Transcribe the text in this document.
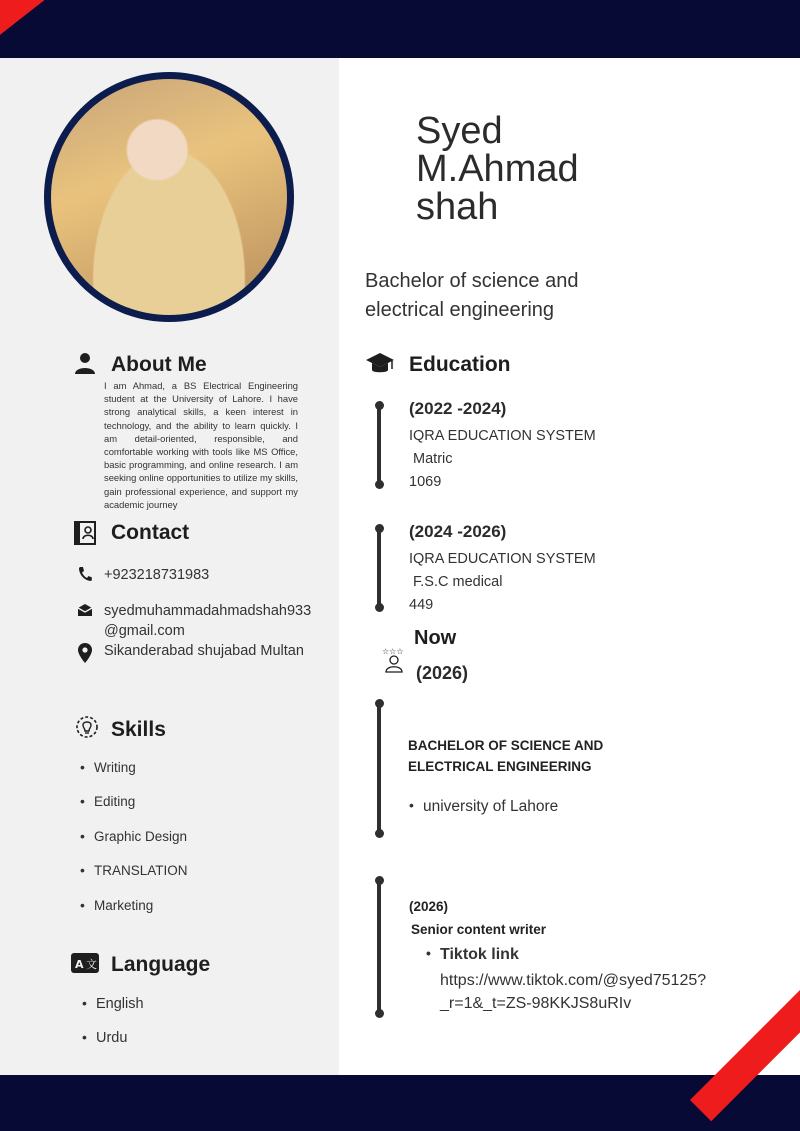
About Me
I am Ahmad, a BS Electrical Engineering student at the University of Lahore. I have strong analytical skills, a keen interest in technology, and the ability to learn quickly. I am detail-oriented, responsible, and comfortable working with tools like MS Office, basic programming, and online research. I am seeking online opportunities to utilize my skills, gain professional experience, and support my academic journey
Contact
+923218731983
syedmuhammadahmadshah933
@gmail.com
Sikanderabad shujabad Multan
Skills
• Writing
• Editing
• Graphic Design
• TRANSLATION
• Marketing
A 文 Language
• English
• Urdu
Syed
M.Ahmad
shah
Bachelor of science and electrical engineering
Education
(2022 -2024)
IQRA EDUCATION SYSTEM
Matric
1069
(2024 -2026)
IQRA EDUCATION SYSTEM
F.S.C medical
449
☆☆☆
Now
(2026)
BACHELOR OF SCIENCE AND
ELECTRICAL ENGINEERING
• university of Lahore
(2026)
Senior content writer
• Tiktok link
https://www.tiktok.com/@syed75125?
_r=1&_t=ZS-98KKJS8uRIv
